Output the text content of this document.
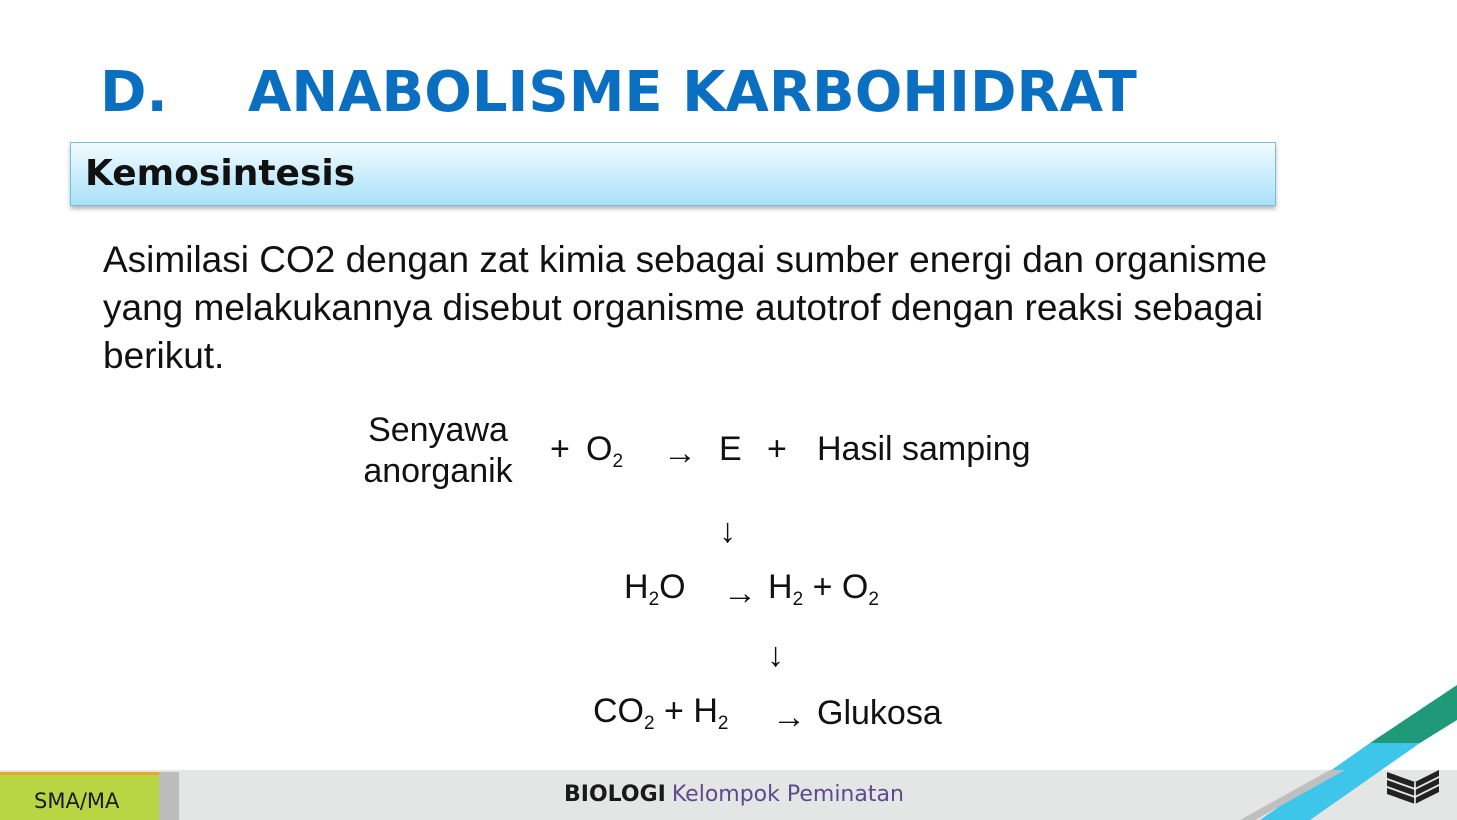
D. ANABOLISME KARBOHIDRAT
Kemosintesis
Asimilasi CO2 dengan zat kimia sebagai sumber energi dan organisme yang melakukannya disebut organisme autotrof dengan reaksi sebagai berikut.
Senyawa
anorganik
+ $O_2 \to E$ + Hasil samping
↓
$H_2O \to H_2 + O_2$
↓
$CO_2 + H_2$ → Glukosa
SMA/MA	BIOLOGI Kelompok Peminatan
